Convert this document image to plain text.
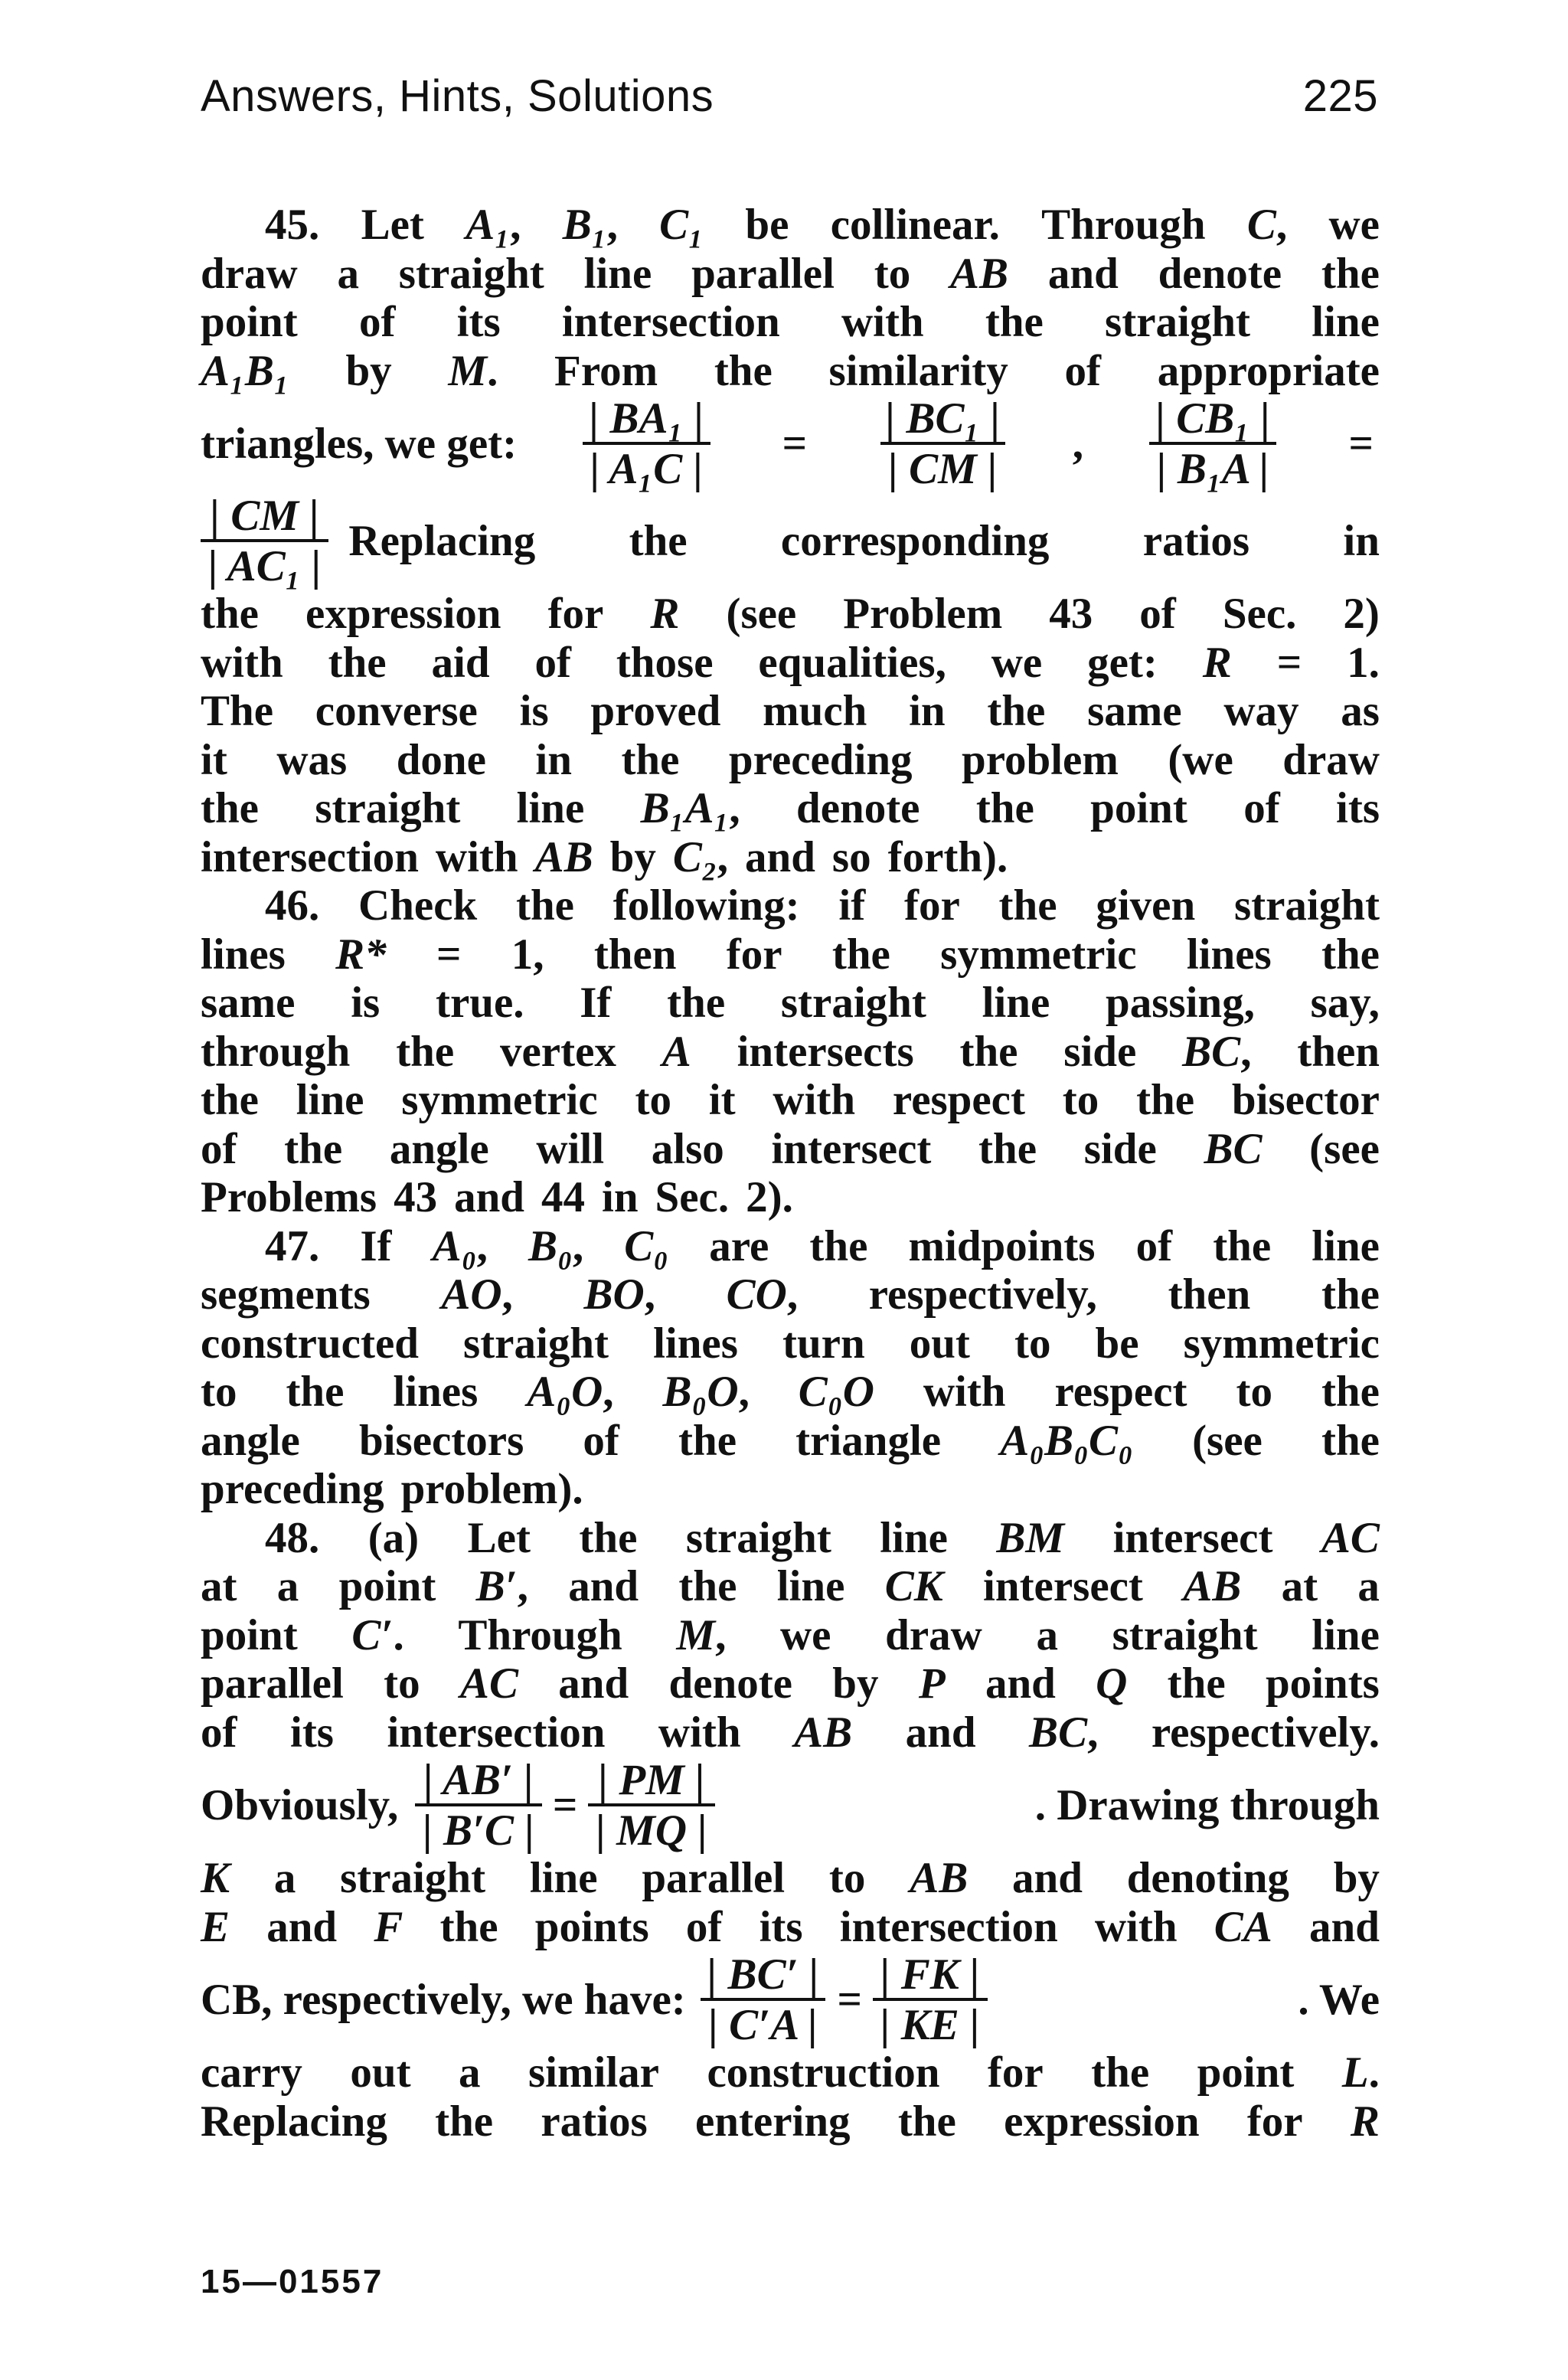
Answers, Hints, Solutions	225
45. Let A₁, B₁, C₁ be collinear. Through C, we
draw a straight line parallel to AB and denote the
point of its intersection with the straight line
A₁B₁ by M. From the similarity of appropriate
triangles, we get: $\frac{\text{| BA₁ |}}{\text{| A₁C |}} = \frac{\text{| BC₁ |}}{| CM |}$ , $\frac{\text{| CB₁ |}}{\text{| B₁A |}}$ =
$\frac{| CM |}{\text{| AC₁ |}}$ Replacing the corresponding ratios in
the expression for R (see Problem 43 of Sec. 2)
with the aid of those equalities, we get: R = 1.
The converse is proved much in the same way as
it was done in the preceding problem (we draw
the straight line B₁A₁, denote the point of its
intersection with AB by C₂, and so forth).
46. Check the following: if for the given straight
lines R* = 1, then for the symmetric lines the
same is true. If the straight line passing, say,
through the vertex A intersects the side BC, then
the line symmetric to it with respect to the bisector
of the angle will also intersect the side BC (see
Problems 43 and 44 in Sec. 2).
47. If A₀, B₀, C₀ are the midpoints of the line
segments AO, BO, CO, respectively, then the
constructed straight lines turn out to be symmetric
to the lines A₀O, B₀O, C₀O with respect to the
angle bisectors of the triangle A₀B₀C₀ (see the
preceding problem).
48. (a) Let the straight line BM intersect AC
at a point B′, and the line CK intersect AB at a
point C′. Through M, we draw a straight line
parallel to AC and denote by P and Q the points
of its intersection with AB and BC, respectively.
Obviously, $\frac{| AB' |}{| B'C |} = \frac{| PM |}{| MQ |}$	. Drawing through
K a straight line parallel to AB and denoting by
E and F the points of its intersection with CA and
CB, respectively, we have: $\frac{| BC' |}{| C'A |} = \frac{| FK |}{| KE |}$	. We
carry out a similar construction for the point L.
Replacing the ratios entering the expression for R
15—01557
